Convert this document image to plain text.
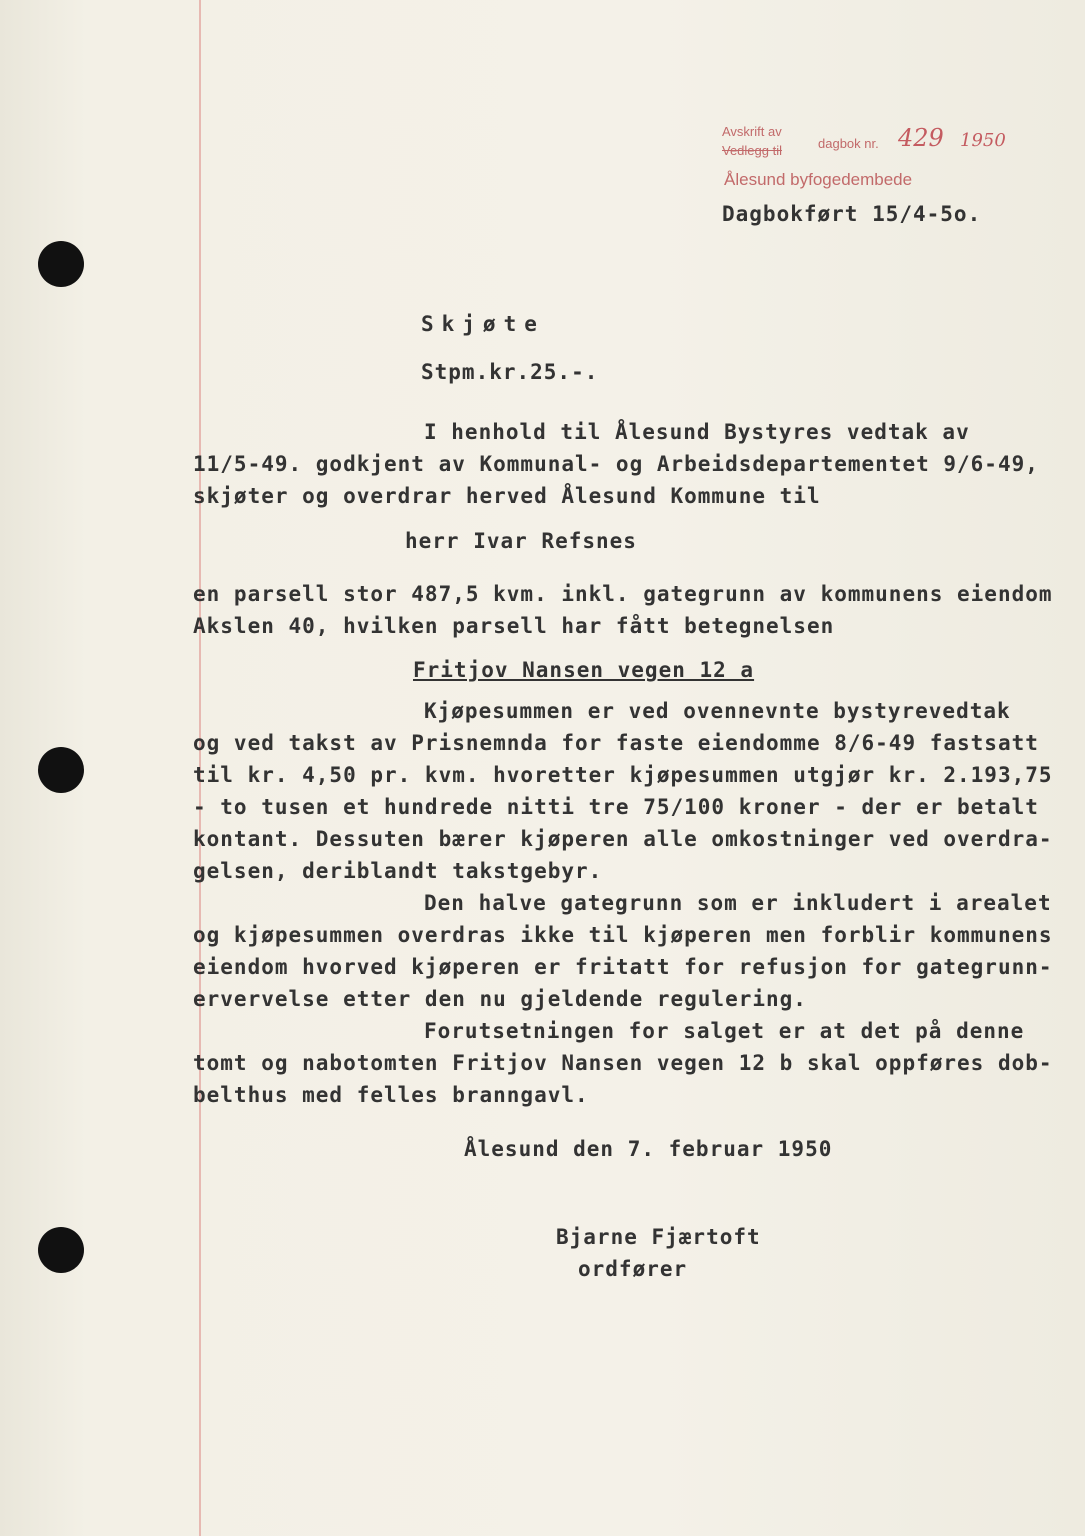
Avskrift av
Vedlegg til	dagbok nr. 429 1950
Ålesund byfogedembede
Dagbokført 15/4-5o.
Skjøte
Stpm.kr.25.-.
I henhold til Ålesund Bystyres vedtak av
11/5-49. godkjent av Kommunal- og Arbeidsdepartementet 9/6-49,
skjøter og overdrar herved Ålesund Kommune til
herr Ivar Refsnes
en parsell stor 487,5 kvm. inkl. gategrunn av kommunens eiendom
Akslen 40, hvilken parsell har fått betegnelsen
Fritjov Nansen vegen 12 a
Kjøpesummen er ved ovennevnte bystyrevedtak
og ved takst av Prisnemnda for faste eiendomme 8/6-49 fastsatt
til kr. 4,50 pr. kvm. hvoretter kjøpesummen utgjør kr. 2.193,75
- to tusen et hundrede nitti tre 75/100 kroner - der er betalt
kontant. Dessuten bærer kjøperen alle omkostninger ved overdra-
gelsen, deriblandt takstgebyr.
Den halve gategrunn som er inkludert i arealet
og kjøpesummen overdras ikke til kjøperen men forblir kommunens
eiendom hvorved kjøperen er fritatt for refusjon for gategrunn-
ervervelse etter den nu gjeldende regulering.
Forutsetningen for salget er at det på denne
tomt og nabotomten Fritjov Nansen vegen 12 b skal oppføres dob-
belthus med felles branngavl.
Ålesund den 7. februar 1950
Bjarne Fjærtoft
ordfører
